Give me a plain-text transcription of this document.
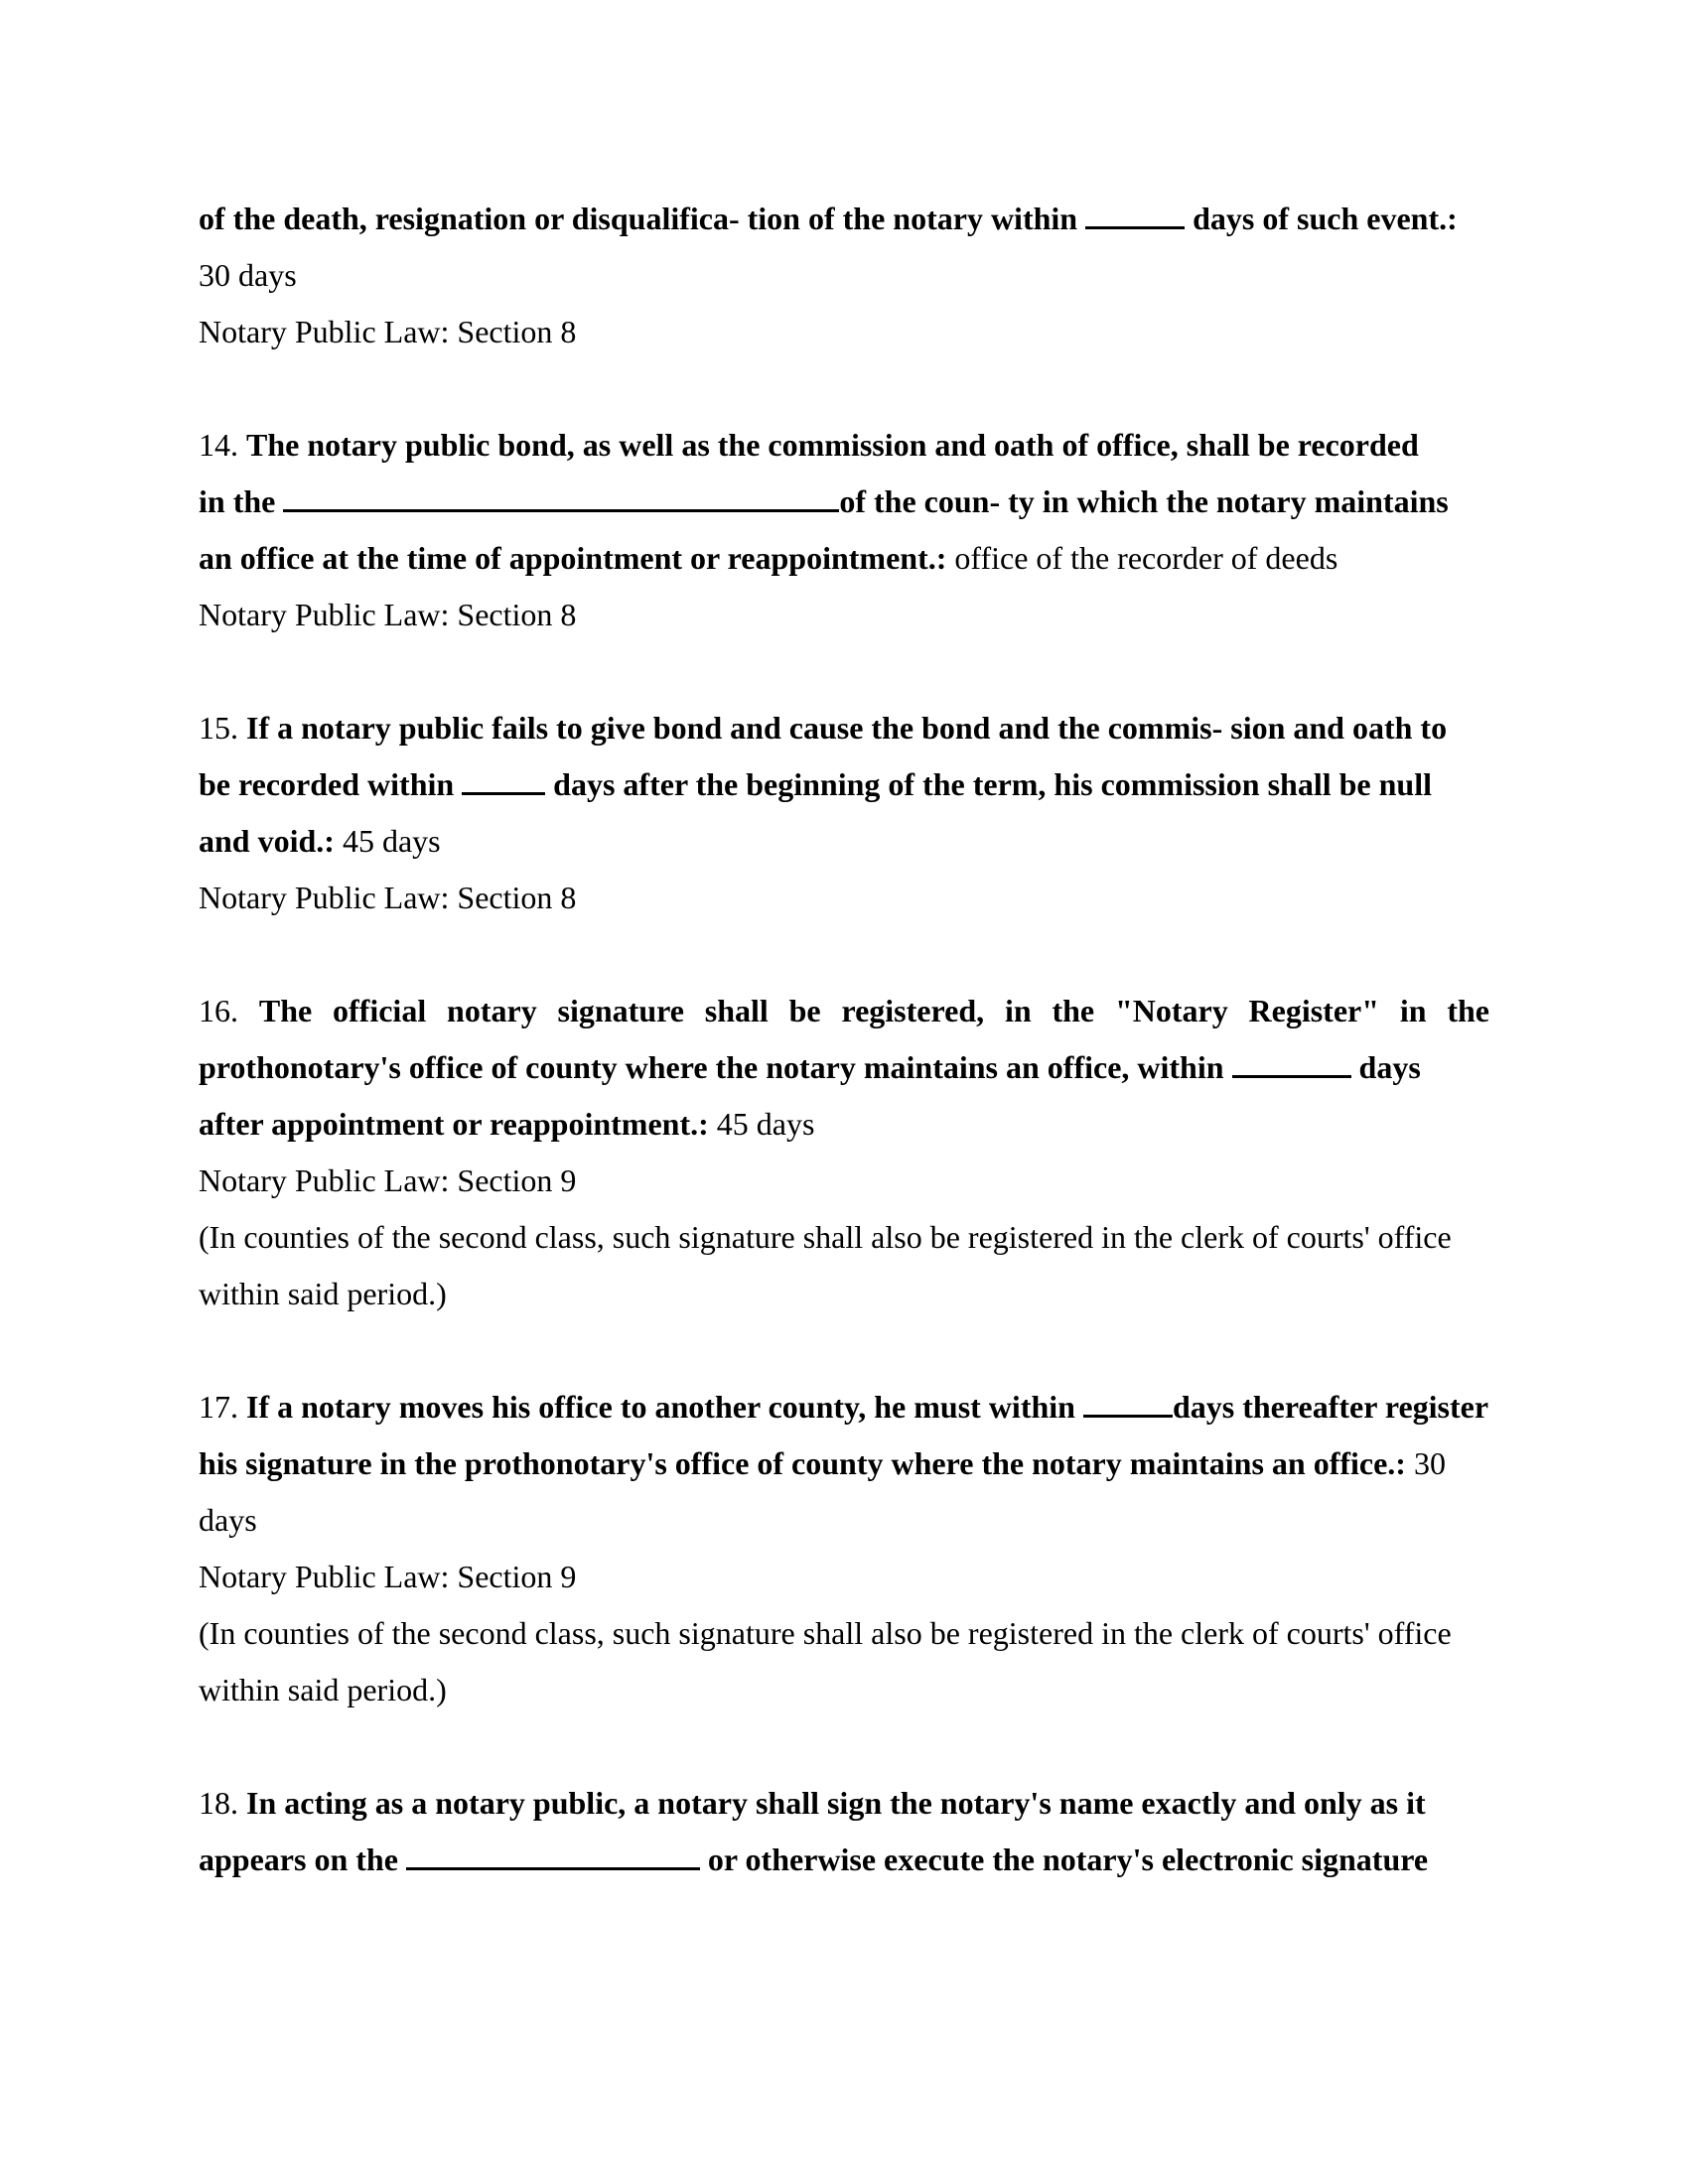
of the death, resignation or disqualifica- tion of the notary within	days of such event.:
30 days
Notary Public Law: Section 8
14. The notary public bond, as well as the commission and oath of office, shall be recorded
in the	of the coun- ty in which the notary maintains
an office at the time of appointment or reappointment.: office of the recorder of deeds
Notary Public Law: Section 8
15. If a notary public fails to give bond and cause the bond and the commis- sion and oath to
be recorded within	days after the beginning of the term, his commission shall be null
and void.: 45 days
Notary Public Law: Section 8
16. The official notary signature shall be registered, in the "Notary Register" in the
prothonotary's office of county where the notary maintains an office, within	days
after appointment or reappointment.: 45 days
Notary Public Law: Section 9
(In counties of the second class, such signature shall also be registered in the clerk of courts' office
within said period.)
17. If a notary moves his office to another county, he must within	days thereafter register
his signature in the prothonotary's office of county where the notary maintains an office.: 30
days
Notary Public Law: Section 9
(In counties of the second class, such signature shall also be registered in the clerk of courts' office
within said period.)
18. In acting as a notary public, a notary shall sign the notary's name exactly and only as it
appears on the	or otherwise execute the notary's electronic signature
